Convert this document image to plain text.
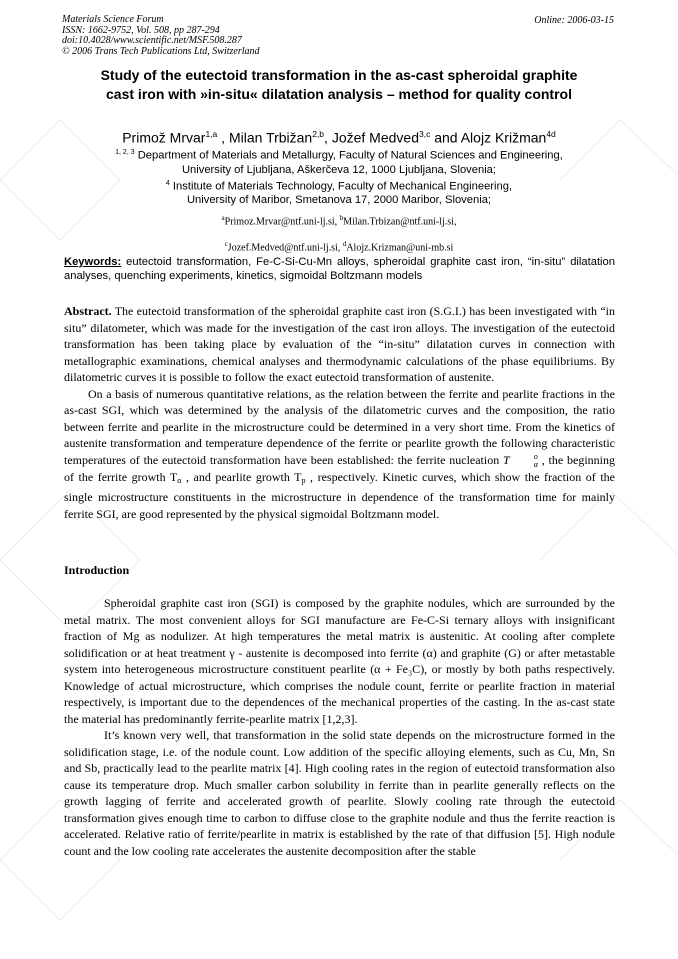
Materials Science Forum
ISSN: 1662-9752, Vol. 508, pp 287-294
doi:10.4028/www.scientific.net/MSF.508.287
© 2006 Trans Tech Publications Ltd, Switzerland
Online: 2006-03-15
Study of the eutectoid transformation in the as-cast spheroidal graphite
cast iron with »in-situ« dilatation analysis – method for quality control
Primož Mrvar$^{1,a}$ , Milan Trbižan$^{2,b}$, Jožef Medved$^{3,c}$ and Alojz Križman$^{4d}$
$^{1, 2, 3}$ Department of Materials and Metallurgy, Faculty of Natural Sciences and Engineering,
University of Ljubljana, Aškerčeva 12, 1000 Ljubljana, Slovenia;
$^4$ Institute of Materials Technology, Faculty of Mechanical Engineering,
University of Maribor, Smetanova 17, 2000 Maribor, Slovenia;
$^a$Primoz.Mrvar@ntf.uni-lj.si, $^b$Milan.Trbizan@ntf.uni-lj.si,
$^c$Jozef.Medved@ntf.uni-lj.si, $^d$Alojz.Krizman@uni-mb.si
Keywords: eutectoid transformation, Fe-C-Si-Cu-Mn alloys, spheroidal graphite cast iron, “in-situ” dilatation analyses, quenching experiments, kinetics, sigmoidal Boltzmann models

Abstract. The eutectoid transformation of the spheroidal graphite cast iron (S.G.I.) has been investigated with “in situ” dilatometer, which was made for the investigation of the cast iron alloys. The investigation of the eutectoid transformation has been taking place by evaluation of the “in-situ” dilatation curves in connection with metallographic examinations, chemical analyses and thermodynamic calculations of the phase equilibriums. By dilatometric curves it is possible to follow the exact eutectoid transformation of austenite.

On a basis of numerous quantitative relations, as the relation between the ferrite and pearlite fractions in the as-cast SGI, which was determined by the analysis of the dilatometric curves and the composition, the ratio between ferrite and pearlite in the microstructure could be determined in a very short time. From the kinetics of austenite transformation and temperature dependence of the ferrite or pearlite growth the following characteristic temperatures of the eutectoid transformation have been established: the ferrite nucleation T	o
α , the beginning of the ferrite growth $T_\alpha$ , and pearlite growth $T_p$ , respectively. Kinetic curves, which show the fraction of the single microstructure constituents in the microstructure in dependence of the transformation time for mainly ferrite SGI, are good represented by the physical sigmoidal Boltzmann model.

Introduction

Spheroidal graphite cast iron (SGI) is composed by the graphite nodules, which are surrounded by the metal matrix. The most convenient alloys for SGI manufacture are Fe-C-Si ternary alloys with insignificant fraction of Mg as nodulizer. At high temperatures the metal matrix is austenitic. At cooling after complete solidification or at heat treatment γ - austenite is decomposed into ferrite (α) and graphite (G) or after metastable system into heterogeneous microstructure constituent pearlite (α + Fe₃C), or mostly by both paths respectively. Knowledge of actual microstructure, which comprises the nodule count, ferrite or pearlite fraction in material respectively, is important due to the dependences of the mechanical properties of the casting. In the as-cast state the material has predominantly ferrite-pearlite matrix [1,2,3].

It’s known very well, that transformation in the solid state depends on the microstructure formed in the solidification stage, i.e. of the nodule count. Low addition of the specific alloying elements, such as Cu, Mn, Sn and Sb, practically lead to the pearlite matrix [4]. High cooling rates in the region of eutectoid transformation also cause its temperature drop. Much smaller carbon solubility in ferrite than in pearlite generally reflects on the growth lagging of ferrite and accelerated growth of pearlite. Slowly cooling rate through the eutectoid transformation gives enough time to carbon to diffuse close to the graphite nodule and thus the ferrite reaction is accelerated. Relative ratio of ferrite/pearlite in matrix is established by the rate of that diffusion [5]. High nodule count and the low cooling rate accelerates the austenite decomposition after the stable
